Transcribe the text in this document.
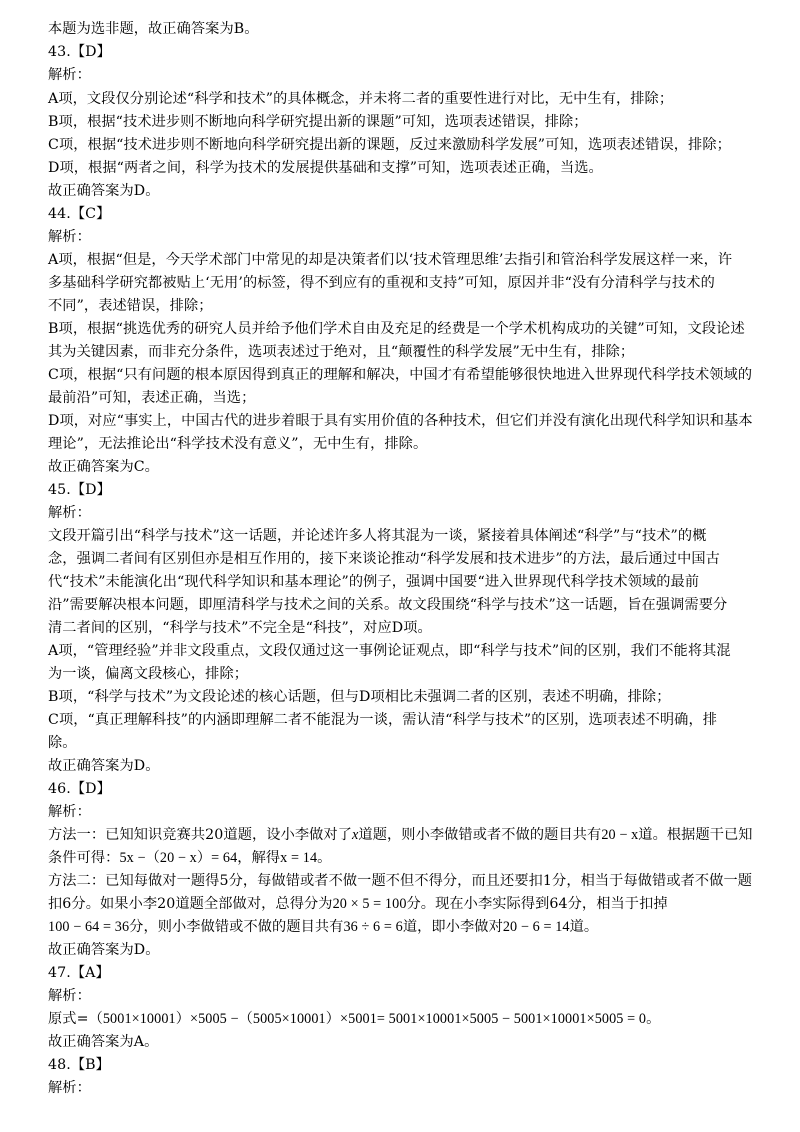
本题为选非题，故正确答案为B。
43.【D】
解析：
A项，文段仅分别论述“科学和技术”的具体概念，并未将二者的重要性进行对比，无中生有，排除；
B项，根据“技术进步则不断地向科学研究提出新的课题”可知，选项表述错误，排除；
C项，根据“技术进步则不断地向科学研究提出新的课题，反过来激励科学发展”可知，选项表述错误，排除；
D项，根据“两者之间，科学为技术的发展提供基础和支撑”可知，选项表述正确，当选。
故正确答案为D。
44.【C】
解析：
A项，根据“但是，今天学术部门中常见的却是决策者们以‘技术管理思维’去指引和管治科学发展这样一来，许
多基础科学研究都被贴上‘无用’的标签，得不到应有的重视和支持”可知，原因并非“没有分清科学与技术的
不同”，表述错误，排除；
B项，根据“挑选优秀的研究人员并给予他们学术自由及充足的经费是一个学术机构成功的关键”可知，文段论述
其为关键因素，而非充分条件，选项表述过于绝对，且“颠覆性的科学发展”无中生有，排除；
C项，根据“只有问题的根本原因得到真正的理解和解决，中国才有希望能够很快地进入世界现代科学技术领域的
最前沿”可知，表述正确，当选；
D项，对应“事实上，中国古代的进步着眼于具有实用价值的各种技术，但它们并没有演化出现代科学知识和基本
理论”，无法推论出“科学技术没有意义”，无中生有，排除。
故正确答案为C。
45.【D】
解析：
文段开篇引出“科学与技术”这一话题，并论述许多人将其混为一谈，紧接着具体阐述“科学”与“技术”的概
念，强调二者间有区别但亦是相互作用的，接下来谈论推动“科学发展和技术进步”的方法，最后通过中国古
代“技术”未能演化出“现代科学知识和基本理论”的例子，强调中国要“进入世界现代科学技术领域的最前
沿”需要解决根本问题，即厘清科学与技术之间的关系。故文段围绕“科学与技术”这一话题，旨在强调需要分
清二者间的区别，“科学与技术”不完全是“科技”，对应D项。
A项，“管理经验”并非文段重点，文段仅通过这一事例论证观点，即“科学与技术”间的区别，我们不能将其混
为一谈，偏离文段核心，排除；
B项，“科学与技术”为文段论述的核心话题，但与D项相比未强调二者的区别，表述不明确，排除；
C项，“真正理解科技”的内涵即理解二者不能混为一谈，需认清“科学与技术”的区别，选项表述不明确，排
除。
故正确答案为D。
46.【D】
解析：
方法一：已知知识竞赛共20道题，设小李做对了x道题，则小李做错或者不做的题目共有20 − x道。根据题干已知
条件可得：5x −（20 − x）= 64，解得x = 14。
方法二：已知每做对一题得5分，每做错或者不做一题不但不得分，而且还要扣1分，相当于每做错或者不做一题
扣6分。如果小李20道题全部做对，总得分为20 × 5 = 100分。现在小李实际得到64分，相当于扣掉
100 − 64 = 36分，则小李做错或不做的题目共有36 ÷ 6 = 6道，即小李做对20 − 6 = 14道。
故正确答案为D。
47.【A】
解析：
原式=（5001×10001）×5005 −（5005×10001）×5001= 5001×10001×5005 − 5001×10001×5005 = 0。
故正确答案为A。
48.【B】
解析：
